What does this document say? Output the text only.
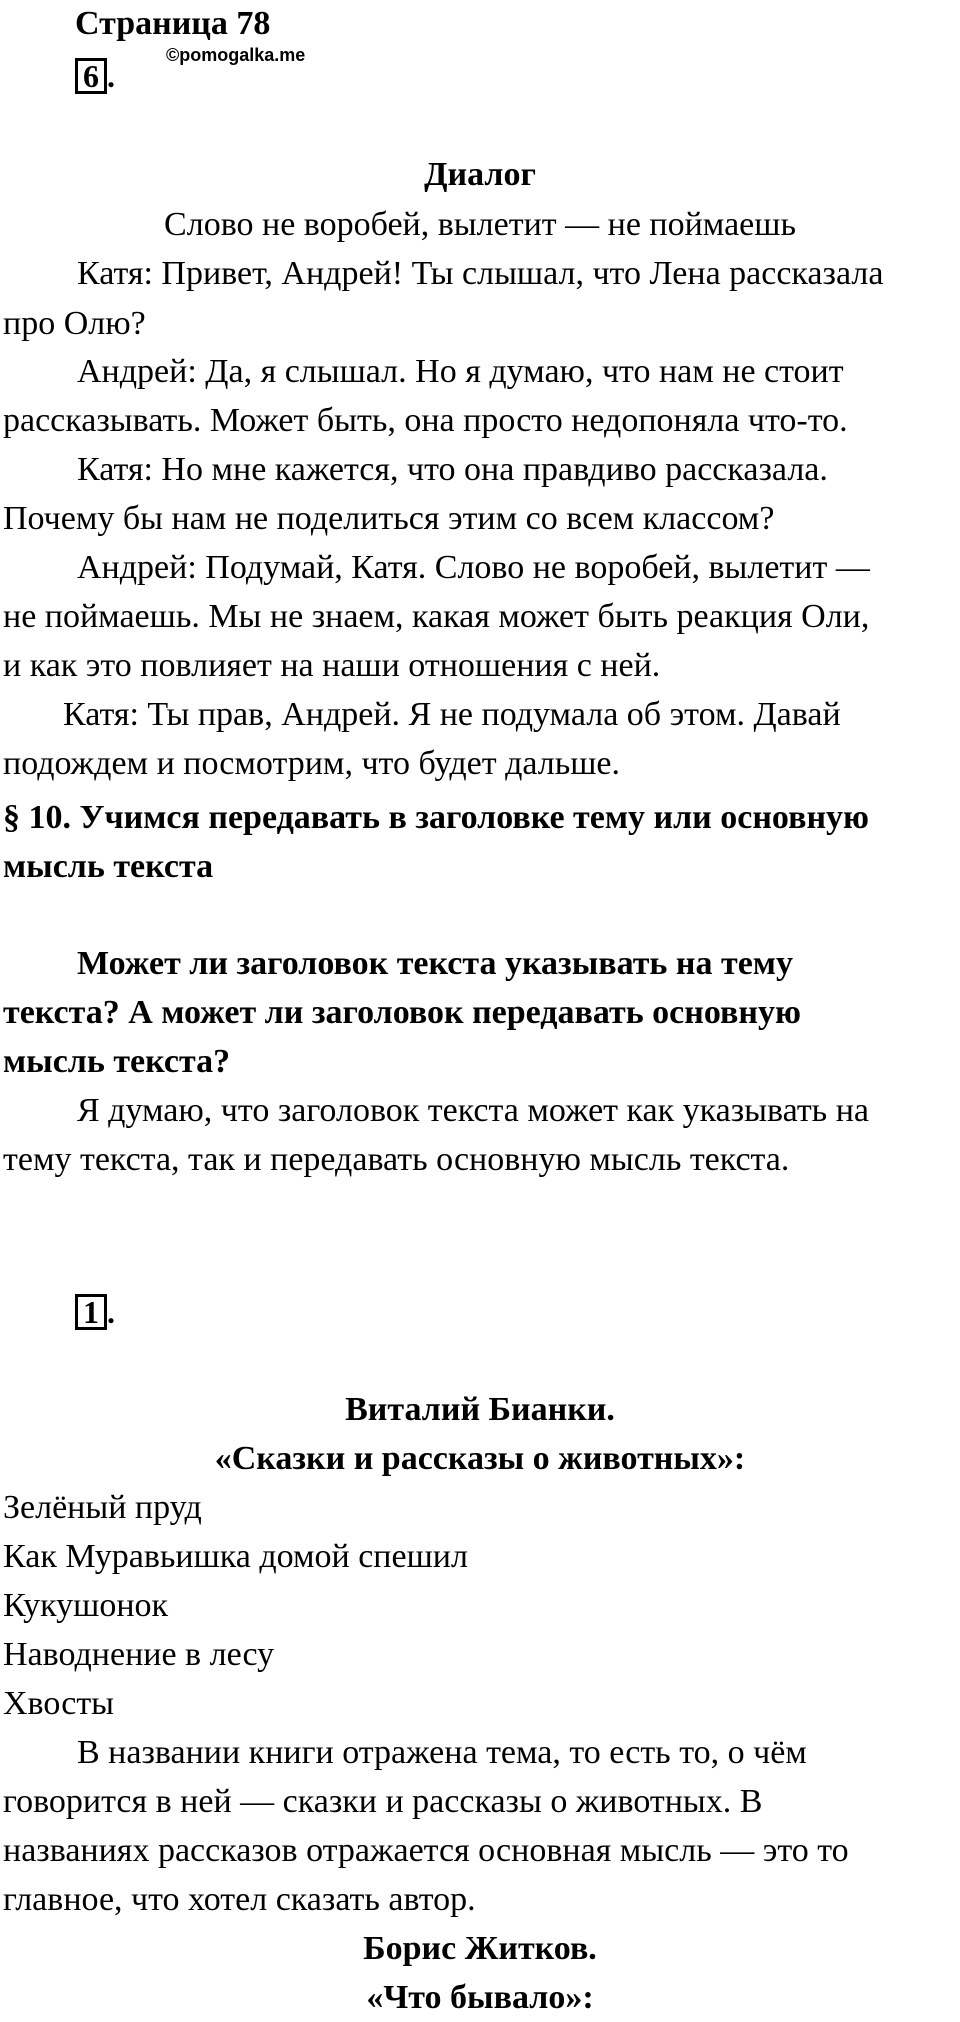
Страница 78
©pomogalka.me
6 .
Диалог
Слово не воробей, вылетит — не поймаешь
Катя: Привет, Андрей! Ты слышал, что Лена рассказала
про Олю?
Андрей: Да, я слышал. Но я думаю, что нам не стоит
рассказывать. Может быть, она просто недопоняла что-то.
Катя: Но мне кажется, что она правдиво рассказала.
Почему бы нам не поделиться этим со всем классом?
Андрей: Подумай, Катя. Слово не воробей, вылетит —
не поймаешь. Мы не знаем, какая может быть реакция Оли,
и как это повлияет на наши отношения с ней.
Катя: Ты прав, Андрей. Я не подумала об этом. Давай
подождем и посмотрим, что будет дальше.
§ 10. Учимся передавать в заголовке тему или основную
мысль текста
Может ли заголовок текста указывать на тему
текста? А может ли заголовок передавать основную
мысль текста?
Я думаю, что заголовок текста может как указывать на
тему текста, так и передавать основную мысль текста.
1 .
Виталий Бианки.
«Сказки и рассказы о животных»:
Зелёный пруд
Как Муравьишка домой спешил
Кукушонок
Наводнение в лесу
Хвосты
В названии книги отражена тема, то есть то, о чём
говорится в ней — сказки и рассказы о животных. В
названиях рассказов отражается основная мысль — это то
главное, что хотел сказать автор.
Борис Житков.
«Что бывало»:
